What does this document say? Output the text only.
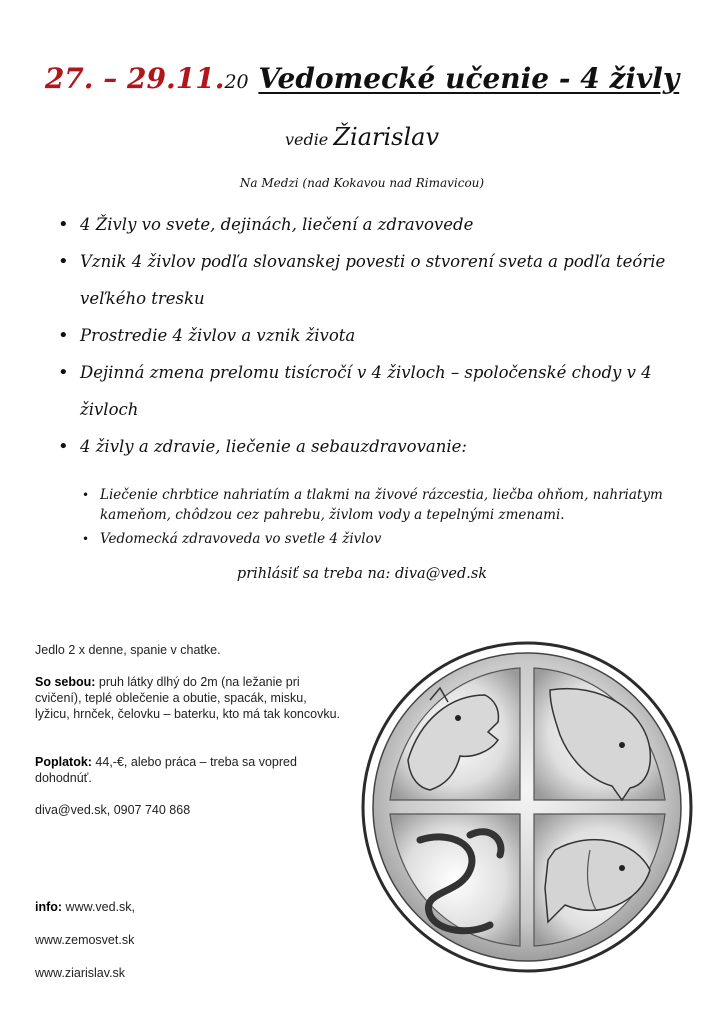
27. – 29.11.20 Vedomecké učenie - 4 živly
vedie Žiarislav
Na Medzi (nad Kokavou nad Rimavicou)
• 4 Živly vo svete, dejinách, liečení a zdravovede
• Vznik 4 živlov podľa slovanskej povesti o stvorení sveta a podľa teórie veľkého tresku
• Prostredie 4 živlov a vznik života
• Dejinná zmena prelomu tisícročí v 4 živloch – spoločenské chody v 4 živloch
• 4 živly a zdravie, liečenie a sebauzdravovanie:
• Liečenie chrbtice nahriatím a tlakmi na živové rázcestia, liečba ohňom, nahriatym kameňom, chôdzou cez pahrebu, živlom vody a tepelnými zmenami.
• Vedomecká zdravoveda vo svetle 4 živlov
prihlásiť sa treba na: diva@ved.sk
Jedlo 2 x denne, spanie v chatke.
So sebou: pruh látky dlhý do 2m (na ležanie pri cvičení), teplé oblečenie a obutie, spacák, misku, lyžicu, hrnček, čelovku – baterku, kto má tak koncovku.
Poplatok: 44,-€, alebo práca – treba sa vopred dohodnúť.
diva@ved.sk, 0907 740 868
info: www.ved.sk,
www.zemosvet.sk
www.ziarislav.sk
